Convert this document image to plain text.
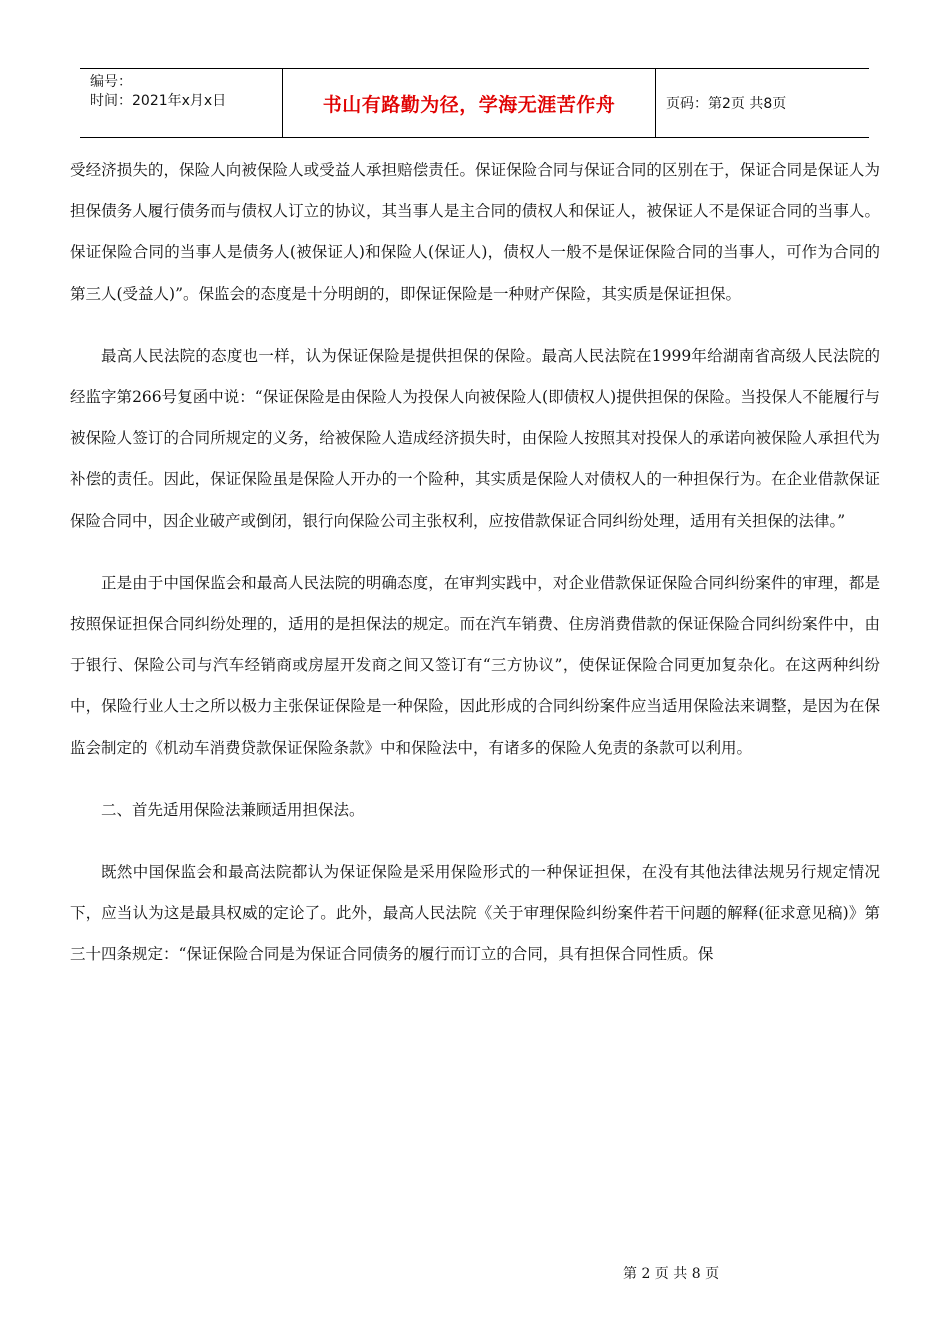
编号：
时间：2021年x月x日	书山有路勤为径，学海无涯苦作舟	页码：第2页 共8页

受经济损失的，保险人向被保险人或受益人承担赔偿责任。保证保险合同与保证合同的区别在于，保证合同是保证人为担保债务人履行债务而与债权人订立的协议，其当事人是主合同的债权人和保证人，被保证人不是保证合同的当事人。保证保险合同的当事人是债务人(被保证人)和保险人(保证人)，债权人一般不是保证保险合同的当事人，可作为合同的第三人(受益人)”。保监会的态度是十分明朗的，即保证保险是一种财产保险，其实质是保证担保。

最高人民法院的态度也一样，认为保证保险是提供担保的保险。最高人民法院在1999年给湖南省高级人民法院的经监字第266号复函中说：“保证保险是由保险人为投保人向被保险人(即债权人)提供担保的保险。当投保人不能履行与被保险人签订的合同所规定的义务，给被保险人造成经济损失时，由保险人按照其对投保人的承诺向被保险人承担代为补偿的责任。因此，保证保险虽是保险人开办的一个险种，其实质是保险人对债权人的一种担保行为。在企业借款保证保险合同中，因企业破产或倒闭，银行向保险公司主张权利，应按借款保证合同纠纷处理，适用有关担保的法律。”

正是由于中国保监会和最高人民法院的明确态度，在审判实践中，对企业借款保证保险合同纠纷案件的审理，都是按照保证担保合同纠纷处理的，适用的是担保法的规定。而在汽车销费、住房消费借款的保证保险合同纠纷案件中，由于银行、保险公司与汽车经销商或房屋开发商之间又签订有“三方协议”，使保证保险合同更加复杂化。在这两种纠纷中，保险行业人士之所以极力主张保证保险是一种保险，因此形成的合同纠纷案件应当适用保险法来调整，是因为在保监会制定的《机动车消费贷款保证保险条款》中和保险法中，有诸多的保险人免责的条款可以利用。

二、首先适用保险法兼顾适用担保法。

既然中国保监会和最高法院都认为保证保险是采用保险形式的一种保证担保，在没有其他法律法规另行规定情况下，应当认为这是最具权威的定论了。此外，最高人民法院《关于审理保险纠纷案件若干问题的解释(征求意见稿)》第三十四条规定：“保证保险合同是为保证合同债务的履行而订立的合同，具有担保合同性质。保

第 2 页 共 8 页
